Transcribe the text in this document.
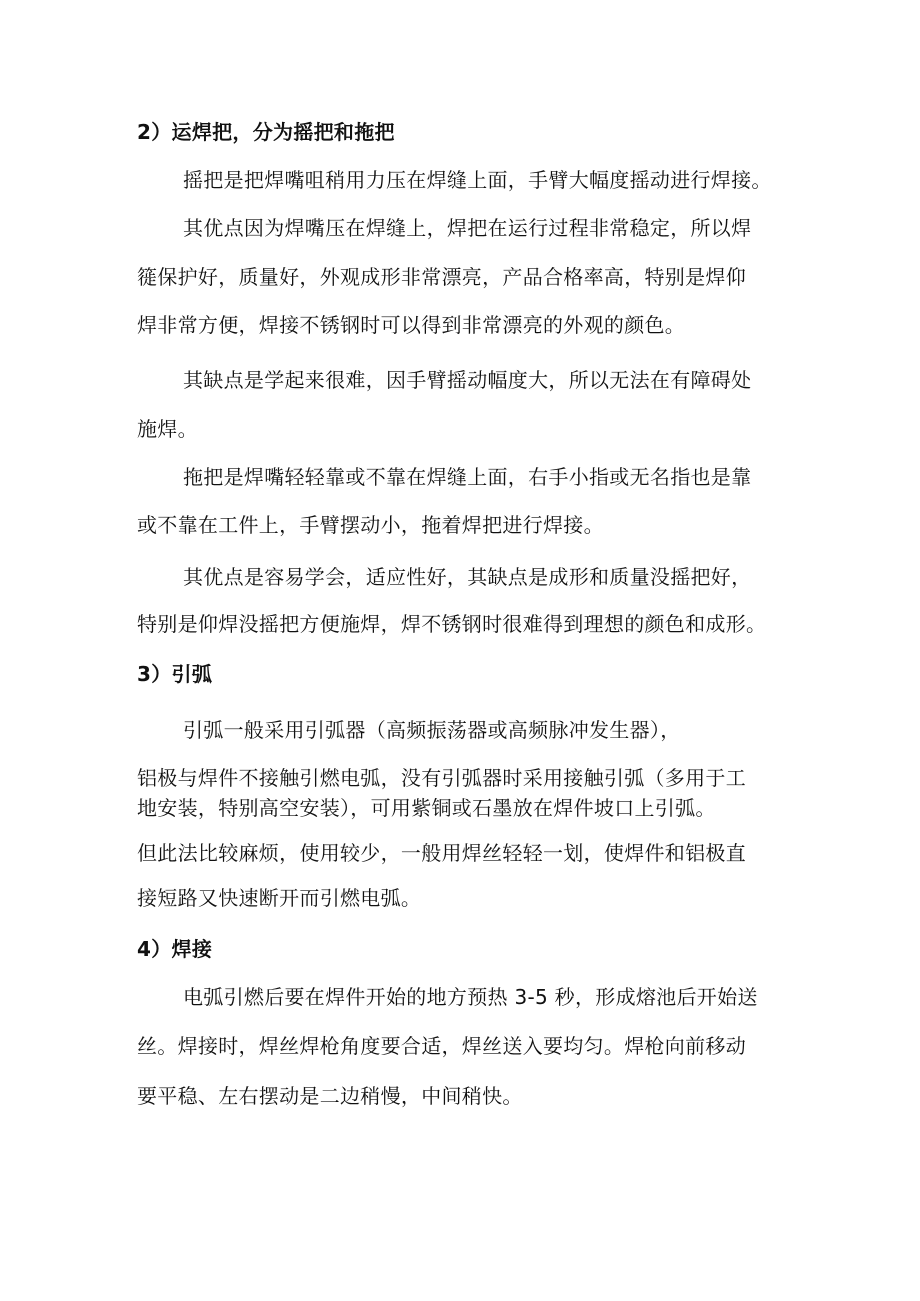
2）运焊把，分为摇把和拖把
摇把是把焊嘴咀稍用力压在焊缝上面，手臂大幅度摇动进行焊接。
其优点因为焊嘴压在焊缝上，焊把在运行过程非常稳定，所以焊
簁保护好，质量好，外观成形非常漂亮，产品合格率高，特别是焊仰
焊非常方便，焊接不锈钢时可以得到非常漂亮的外观的颜色。
其缺点是学起来很难，因手臂摇动幅度大，所以无法在有障碍处
施焊。
拖把是焊嘴轻轻靠或不靠在焊缝上面，右手小指或无名指也是靠
或不靠在工件上，手臂摆动小，拖着焊把进行焊接。
其优点是容易学会，适应性好，其缺点是成形和质量没摇把好，
特别是仰焊没摇把方便施焊，焊不锈钢时很难得到理想的颜色和成形。
3）引弧
引弧一般采用引弧器（高频振荡器或高频脉冲发生器），
铝极与焊件不接触引燃电弧，没有引弧器时采用接触引弧（多用于工
地安装，特别高空安装），可用紫铜或石墨放在焊件坡口上引弧。
但此法比较麻烦，使用较少，一般用焊丝轻轻一划，使焊件和铝极直
接短路又快速断开而引燃电弧。
4）焊接
电弧引燃后要在焊件开始的地方预热 3-5 秒，形成熔池后开始送
丝。焊接时，焊丝焊枪角度要合适，焊丝送入要均匀。焊枪向前移动
要平稳、左右摆动是二边稍慢，中间稍快。
